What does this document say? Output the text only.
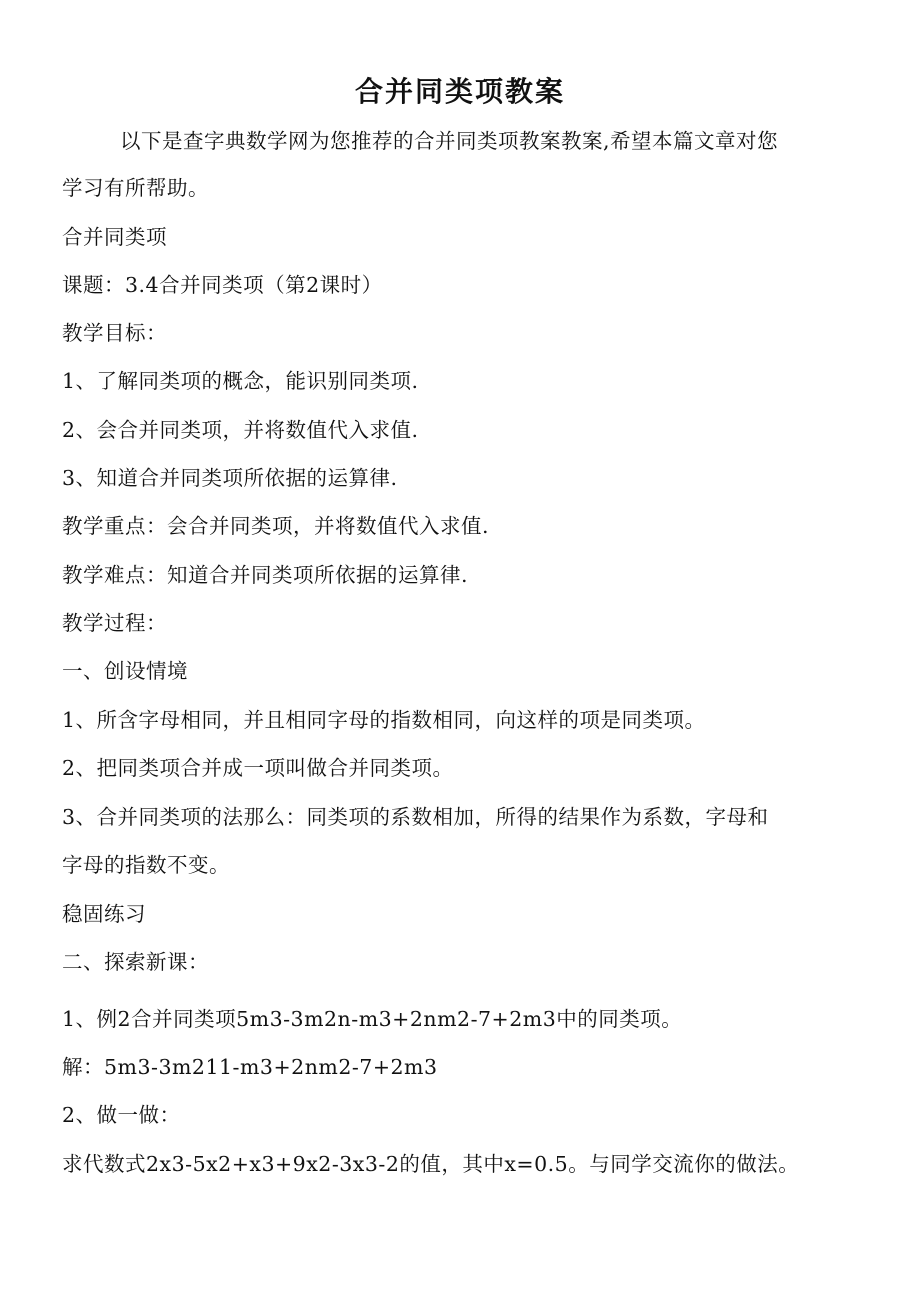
合并同类项教案
以下是查字典数学网为您推荐的合并同类项教案教案,希望本篇文章对您
学习有所帮助。
合并同类项
课题：3.4合并同类项（第2课时）
教学目标：
1、了解同类项的概念，能识别同类项.
2、会合并同类项，并将数值代入求值.
3、知道合并同类项所依据的运算律.
教学重点：会合并同类项，并将数值代入求值.
教学难点：知道合并同类项所依据的运算律.
教学过程：
一、创设情境
1、所含字母相同，并且相同字母的指数相同，向这样的项是同类项。
2、把同类项合并成一项叫做合并同类项。
3、合并同类项的法那么：同类项的系数相加，所得的结果作为系数，字母和
字母的指数不变。
稳固练习
二、探索新课：
1、例2合并同类项5m3-3m2n-m3+2nm2-7+2m3中的同类项。
解：5m3-3m211-m3+2nm2-7+2m3
2、做一做：
求代数式2x3-5x2+x3+9x2-3x3-2的值，其中x=0.5。与同学交流你的做法。
